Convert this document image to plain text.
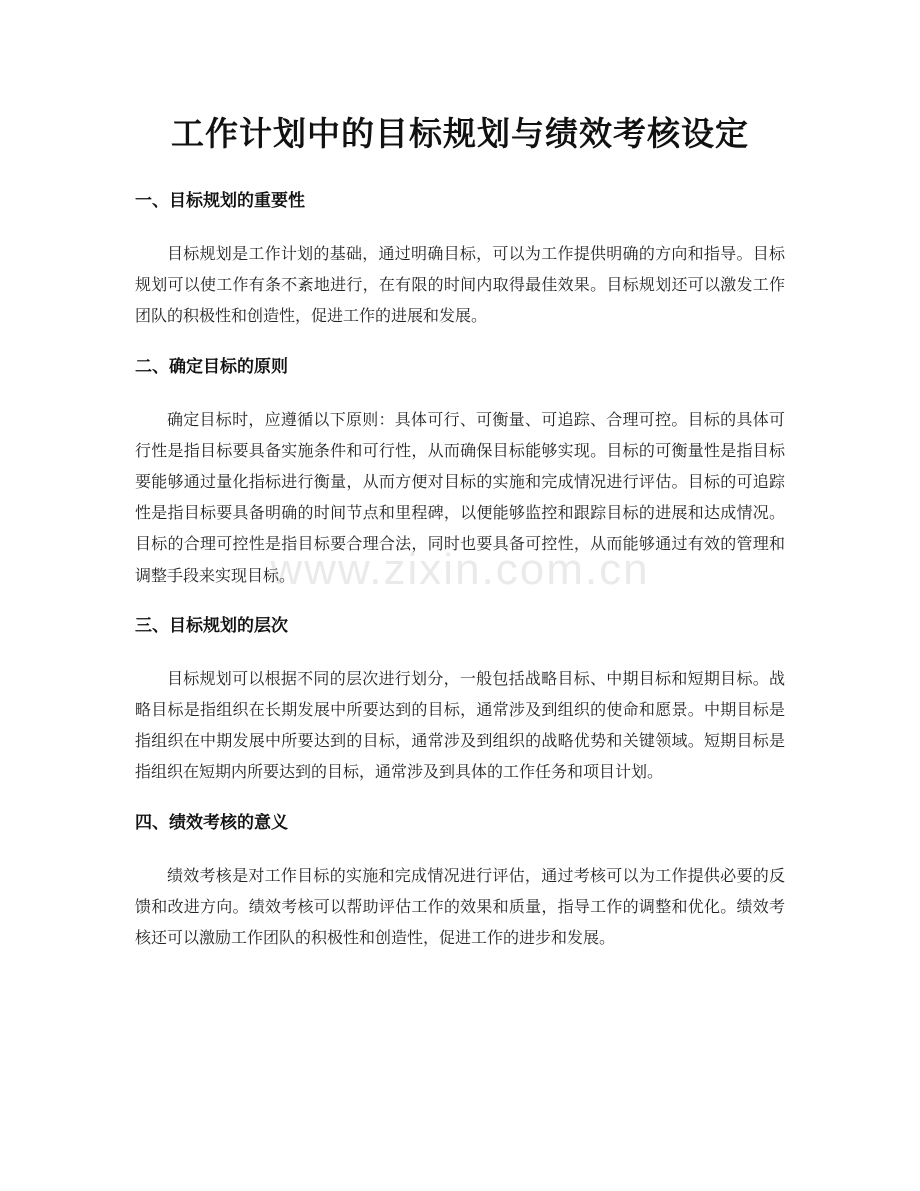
工作计划中的目标规划与绩效考核设定
一、目标规划的重要性

目标规划是工作计划的基础，通过明确目标，可以为工作提供明确的方向和指导。目标规划可以使工作有条不紊地进行，在有限的时间内取得最佳效果。目标规划还可以激发工作团队的积极性和创造性，促进工作的进展和发展。

二、确定目标的原则

确定目标时，应遵循以下原则：具体可行、可衡量、可追踪、合理可控。目标的具体可行性是指目标要具备实施条件和可行性，从而确保目标能够实现。目标的可衡量性是指目标要能够通过量化指标进行衡量，从而方便对目标的实施和完成情况进行评估。目标的可追踪性是指目标要具备明确的时间节点和里程碑，以便能够监控和跟踪目标的进展和达成情况。目标的合理可控性是指目标要合理合法，同时也要具备可控性，从而能够通过有效的管理和调整手段来实现目标。

三、目标规划的层次

目标规划可以根据不同的层次进行划分，一般包括战略目标、中期目标和短期目标。战略目标是指组织在长期发展中所要达到的目标，通常涉及到组织的使命和愿景。中期目标是指组织在中期发展中所要达到的目标，通常涉及到组织的战略优势和关键领域。短期目标是指组织在短期内所要达到的目标，通常涉及到具体的工作任务和项目计划。

四、绩效考核的意义

绩效考核是对工作目标的实施和完成情况进行评估，通过考核可以为工作提供必要的反馈和改进方向。绩效考核可以帮助评估工作的效果和质量，指导工作的调整和优化。绩效考核还可以激励工作团队的积极性和创造性，促进工作的进步和发展。

www.zixin.com.cn
